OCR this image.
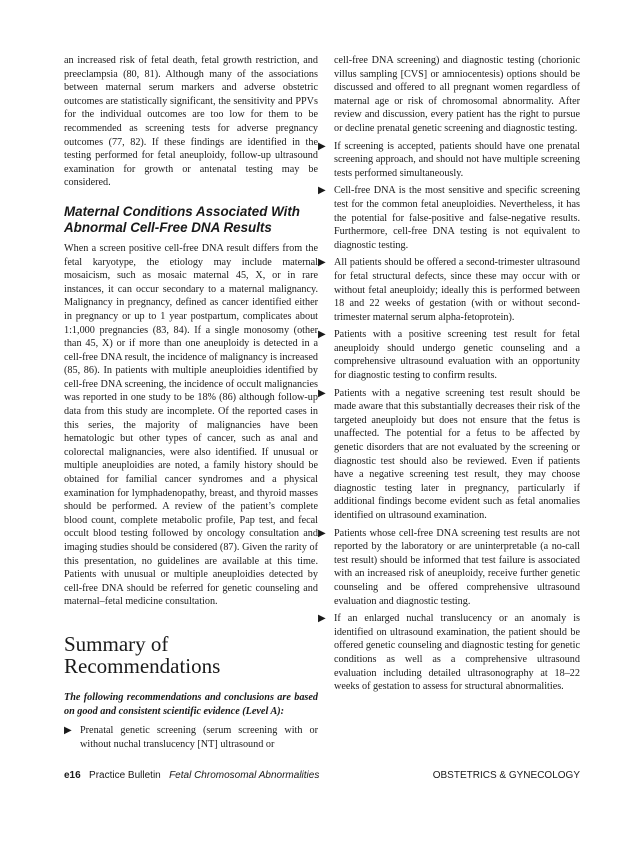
an increased risk of fetal death, fetal growth restriction, and preeclampsia (80, 81). Although many of the associations between maternal serum markers and adverse obstetric outcomes are statistically significant, the sensitivity and PPVs for the individual outcomes are too low for them to be recommended as screening tests for adverse pregnancy outcomes (77, 82). If these findings are identified in the testing performed for fetal aneuploidy, follow-up ultrasound examination for growth or antenatal testing may be considered.

Maternal Conditions Associated With Abnormal Cell-Free DNA Results

When a screen positive cell-free DNA result differs from the fetal karyotype, the etiology may include maternal mosaicism, such as mosaic maternal 45, X, or in rare instances, it can occur secondary to a maternal malignancy. Malignancy in pregnancy, defined as cancer identified either in pregnancy or up to 1 year postpartum, complicates about 1:1,000 pregnancies (83, 84). If a single monosomy (other than 45, X) or if more than one aneuploidy is detected in a cell-free DNA result, the incidence of malignancy is increased (85, 86). In patients with multiple aneuploidies identified by cell-free DNA screening, the incidence of occult malignancies was reported in one study to be 18% (86) although follow-up data from this study are incomplete. Of the reported cases in this series, the majority of malignancies have been hematologic but other types of cancer, such as anal and colorectal malignancies, were also identified. If unusual or multiple aneuploidies are noted, a family history should be obtained for familial cancer syndromes and a physical examination for lymphadenopathy, breast, and thyroid masses should be performed. A review of the patient’s complete blood count, complete metabolic profile, Pap test, and fecal occult blood testing followed by oncology consultation and imaging studies should be considered (87). Given the rarity of this presentation, no guidelines are available at this time. Patients with unusual or multiple aneuploidies detected by cell-free DNA should be referred for genetic counseling and maternal–fetal medicine consultation.

Summary of Recommendations

The following recommendations and conclusions are based on good and consistent scientific evidence (Level A):

▶ Prenatal genetic screening (serum screening with or without nuchal translucency [NT] ultrasound or

cell-free DNA screening) and diagnostic testing (chorionic villus sampling [CVS] or amniocentesis) options should be discussed and offered to all pregnant women regardless of maternal age or risk of chromosomal abnormality. After review and discussion, every patient has the right to pursue or decline prenatal genetic screening and diagnostic testing.

▶ If screening is accepted, patients should have one prenatal screening approach, and should not have multiple screening tests performed simultaneously.

▶ Cell-free DNA is the most sensitive and specific screening test for the common fetal aneuploidies. Nevertheless, it has the potential for false-positive and false-negative results. Furthermore, cell-free DNA testing is not equivalent to diagnostic testing.

▶ All patients should be offered a second-trimester ultrasound for fetal structural defects, since these may occur with or without fetal aneuploidy; ideally this is performed between 18 and 22 weeks of gestation (with or without second-trimester maternal serum alpha-fetoprotein).

▶ Patients with a positive screening test result for fetal aneuploidy should undergo genetic counseling and a comprehensive ultrasound evaluation with an opportunity for diagnostic testing to confirm results.

▶ Patients with a negative screening test result should be made aware that this substantially decreases their risk of the targeted aneuploidy but does not ensure that the fetus is unaffected. The potential for a fetus to be affected by genetic disorders that are not evaluated by the screening or diagnostic test should also be reviewed. Even if patients have a negative screening test result, they may choose diagnostic testing later in pregnancy, particularly if additional findings become evident such as fetal anomalies identified on ultrasound examination.

▶ Patients whose cell-free DNA screening test results are not reported by the laboratory or are uninterpretable (a no-call test result) should be informed that test failure is associated with an increased risk of aneuploidy, receive further genetic counseling and be offered comprehensive ultrasound evaluation and diagnostic testing.

▶ If an enlarged nuchal translucency or an anomaly is identified on ultrasound examination, the patient should be offered genetic counseling and diagnostic testing for genetic conditions as well as a comprehensive ultrasound evaluation including detailed ultrasonography at 18–22 weeks of gestation to assess for structural abnormalities.

e16 Practice Bulletin Fetal Chromosomal Abnormalities	OBSTETRICS & GYNECOLOGY
